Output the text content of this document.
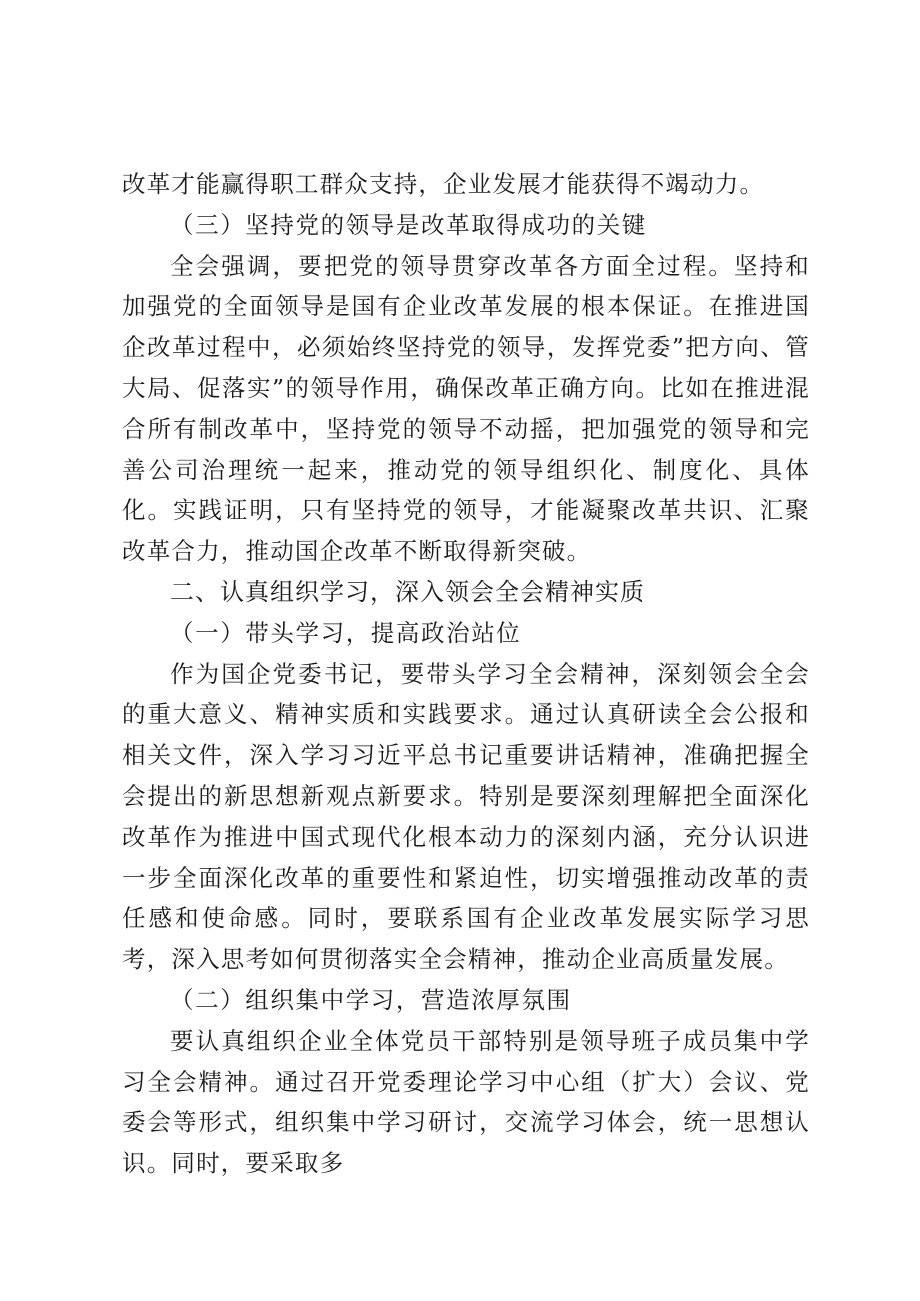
改革才能赢得职工群众支持，企业发展才能获得不竭动力。

（三）坚持党的领导是改革取得成功的关键

全会强调，要把党的领导贯穿改革各方面全过程。坚持和加强党的全面领导是国有企业改革发展的根本保证。在推进国企改革过程中，必须始终坚持党的领导，发挥党委”把方向、管大局、促落实”的领导作用，确保改革正确方向。比如在推进混合所有制改革中，坚持党的领导不动摇，把加强党的领导和完善公司治理统一起来，推动党的领导组织化、制度化、具体化。实践证明，只有坚持党的领导，才能凝聚改革共识、汇聚改革合力，推动国企改革不断取得新突破。

二、认真组织学习，深入领会全会精神实质

（一）带头学习，提高政治站位

作为国企党委书记，要带头学习全会精神，深刻领会全会的重大意义、精神实质和实践要求。通过认真研读全会公报和相关文件，深入学习习近平总书记重要讲话精神，准确把握全会提出的新思想新观点新要求。特别是要深刻理解把全面深化改革作为推进中国式现代化根本动力的深刻内涵，充分认识进一步全面深化改革的重要性和紧迫性，切实增强推动改革的责任感和使命感。同时，要联系国有企业改革发展实际学习思考，深入思考如何贯彻落实全会精神，推动企业高质量发展。

（二）组织集中学习，营造浓厚氛围

要认真组织企业全体党员干部特别是领导班子成员集中学习全会精神。通过召开党委理论学习中心组（扩大）会议、党委会等形式，组织集中学习研讨，交流学习体会，统一思想认识。同时，要采取多
